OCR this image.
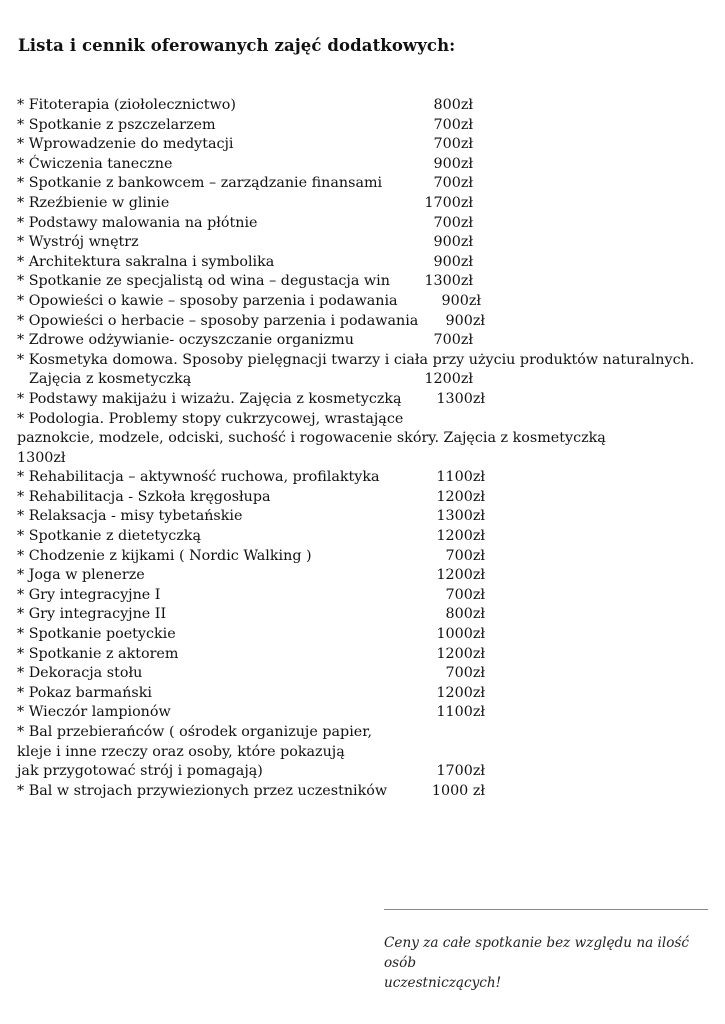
Lista i cennik oferowanych zajęć dodatkowych:
* Fitoterapia (ziołolecznictwo)	800zł
* Spotkanie z pszczelarzem	700zł
* Wprowadzenie do medytacji	700zł
* Ćwiczenia taneczne	900zł
* Spotkanie z bankowcem – zarządzanie finansami	700zł
* Rzeźbienie w glinie	1700zł
* Podstawy malowania na płótnie	700zł
* Wystrój wnętrz	900zł
* Architektura sakralna i symbolika	900zł
* Spotkanie ze specjalistą od wina – degustacja win 1300zł
* Opowieści o kawie – sposoby parzenia i podawania	900zł
* Opowieści o herbacie – sposoby parzenia i podawania 900zł
* Zdrowe odżywianie- oczyszczanie organizmu	700zł
* Kosmetyka domowa. Sposoby pielęgnacji twarzy i ciała przy użyciu produktów naturalnych.
Zajęcia z kosmetyczką	1200zł
* Podstawy makijażu i wizażu. Zajęcia z kosmetyczką 1300zł
* Podologia. Problemy stopy cukrzycowej, wrastające
paznokcie, modzele, odciski, suchość i rogowacenie skóry. Zajęcia z kosmetyczką
1300zł
* Rehabilitacja – aktywność ruchowa, profilaktyka	1100zł
* Rehabilitacja - Szkoła kręgosłupa	1200zł
* Relaksacja - misy tybetańskie	1300zł
* Spotkanie z dietetyczką	1200zł
* Chodzenie z kijkami ( Nordic Walking )	700zł
* Joga w plenerze	1200zł
* Gry integracyjne I	700zł
* Gry integracyjne II	800zł
* Spotkanie poetyckie	1000zł
* Spotkanie z aktorem	1200zł
* Dekoracja stołu	700zł
* Pokaz barmański	1200zł
* Wieczór lampionów	1100zł
* Bal przebierańców ( ośrodek organizuje papier,
kleje i inne rzeczy oraz osoby, które pokazują
jak przygotować strój i pomagają)	1700zł
* Bal w strojach przywiezionych przez uczestników	1000 zł
Ceny za całe spotkanie bez względu na ilość osób
uczestniczących!
